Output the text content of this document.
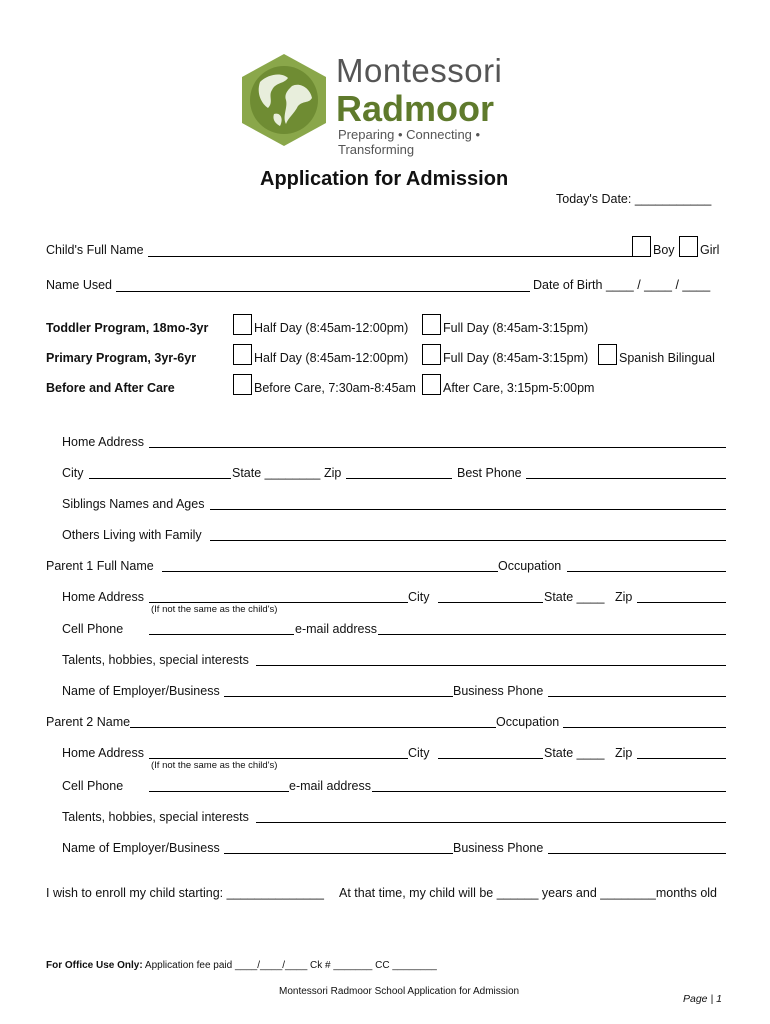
Montessori
Radmoor
Preparing • Connecting • Transforming
Application for Admission
Today's Date: ___________
Child's Full Name	Boy Girl
Name Used	Date of Birth ____ / ____ / ____
Toddler Program, 18mo-3yr	Half Day (8:45am-12:00pm)	Full Day (8:45am-3:15pm)
Primary Program, 3yr-6yr	Half Day (8:45am-12:00pm)	Full Day (8:45am-3:15pm) Spanish Bilingual
Before and After Care	Before Care, 7:30am-8:45am After Care, 3:15pm-5:00pm
Home Address
City	State ________ Zip	Best Phone
Siblings Names and Ages
Others Living with Family
Parent 1 Full Name	Occupation
Home Address
(If not the same as the child's)
City	State ____ Zip
Cell Phone	e-mail address
Talents, hobbies, special interests
Name of Employer/Business	Business Phone
Parent 2 Name	Occupation
Home Address
(If not the same as the child's)
City	State ____ Zip
Cell Phone	e-mail address
Talents, hobbies, special interests
Name of Employer/Business	Business Phone
I wish to enroll my child starting: ______________ At that time, my child will be ______ years and ________months old
For Office Use Only: Application fee paid ____/____/____ Ck # _______ CC ________
Montessori Radmoor School Application for Admission
Page | 1
